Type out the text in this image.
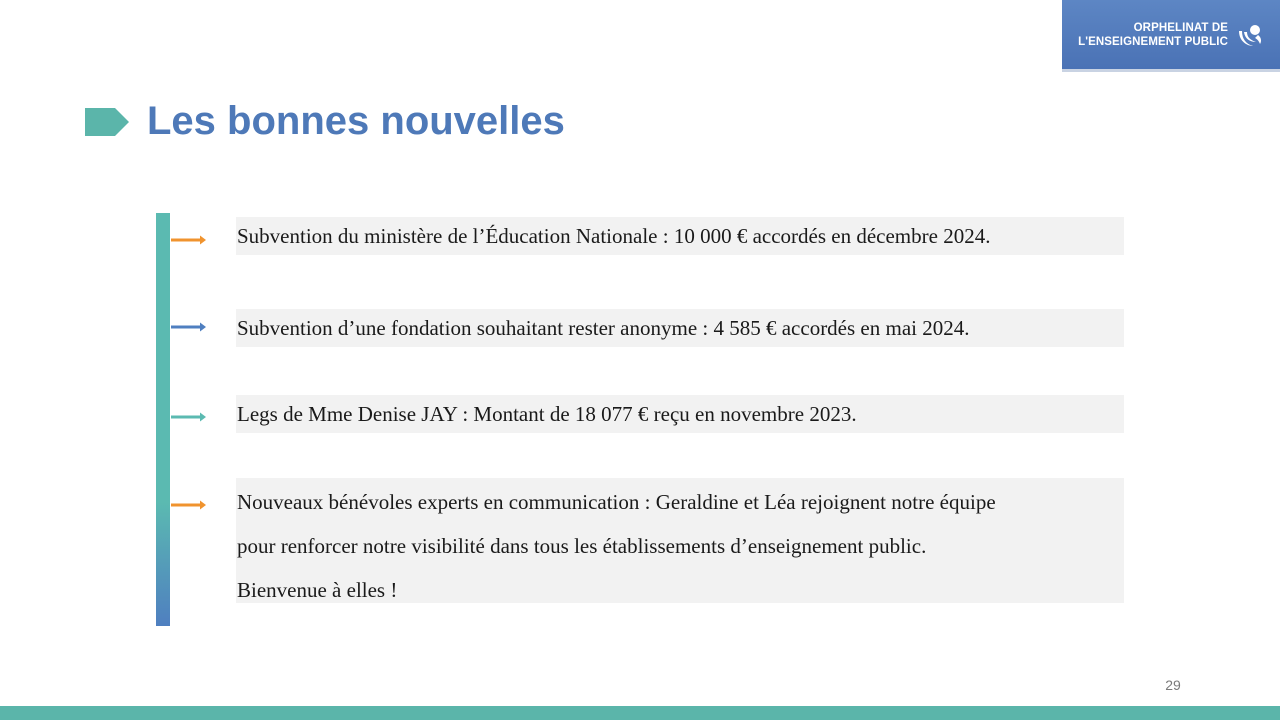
ORPHELINAT DE
L'ENSEIGNEMENT PUBLIC
Les bonnes nouvelles
Subvention du ministère de l’Éducation Nationale : 10 000 € accordés en décembre 2024.
Subvention d’une fondation souhaitant rester anonyme : 4 585 € accordés en mai 2024.
Legs de Mme Denise JAY : Montant de 18 077 € reçu en novembre 2023.
Nouveaux bénévoles experts en communication : Geraldine et Léa rejoignent notre équipe
pour renforcer notre visibilité dans tous les établissements d’enseignement public.
Bienvenue à elles !
29
